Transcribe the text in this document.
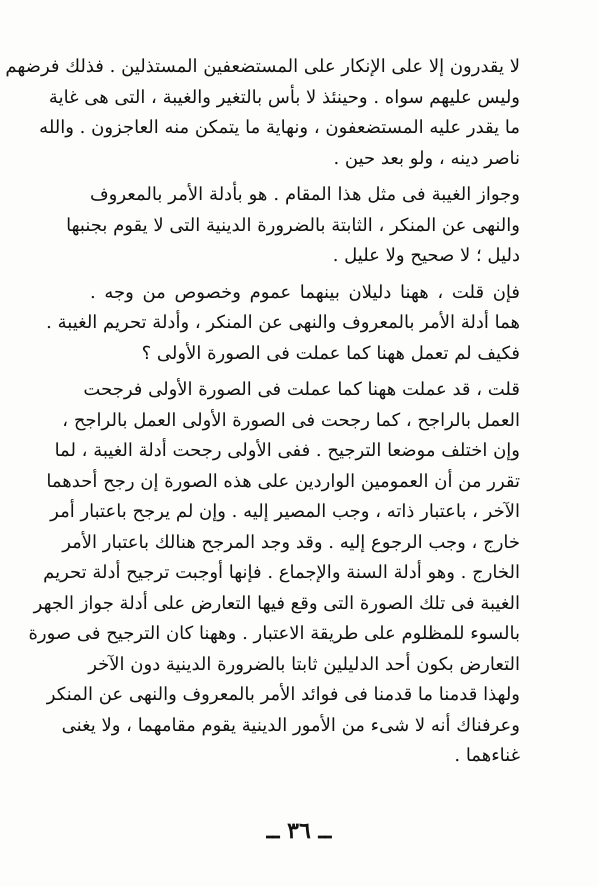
لا يقدرون إلا على الإنكار على المستضعفين المستذلين . فذلك فرضهم
وليس عليهم سواه . وحينئذ لا بأس بالتغير والغيبة ، التى هى غاية
ما يقدر عليه المستضعفون ، ونهاية ما يتمكن منه العاجزون . والله
ناصر دينه ، ولو بعد حين .
وجواز الغيبة فى مثل هذا المقام . هو بأدلة الأمر بالمعروف
والنهى عن المنكر ، الثابتة بالضرورة الدينية التى لا يقوم بجنبها
دليل ؛ لا صحيح ولا عليل .
فإن قلت ، ههنا دليلان بينهما عموم وخصوص من وجه .
هما أدلة الأمر بالمعروف والنهى عن المنكر ، وأدلة تحريم الغيبة .
فكيف لم تعمل ههنا كما عملت فى الصورة الأولى ؟
قلت ، قد عملت ههنا كما عملت فى الصورة الأولى فرجحت
العمل بالراجح ، كما رجحت فى الصورة الأولى العمل بالراجح ،
وإن اختلف موضعا الترجيح . ففى الأولى رجحت أدلة الغيبة ، لما
تقرر من أن العمومين الواردين على هذه الصورة إن رجح أحدهما
الآخر ، باعتبار ذاته ، وجب المصير إليه . وإن لم يرجح باعتبار أمر
خارج ، وجب الرجوع إليه . وقد وجد المرجح هنالك باعتبار الأمر
الخارج . وهو أدلة السنة والإجماع . فإنها أوجبت ترجيح أدلة تحريم
الغيبة فى تلك الصورة التى وقع فيها التعارض على أدلة جواز الجهر
بالسوء للمظلوم على طريقة الاعتبار . وههنا كان الترجيح فى صورة
التعارض بكون أحد الدليلين ثابتا بالضرورة الدينية دون الآخر
ولهذا قدمنا ما قدمنا فى فوائد الأمر بالمعروف والنهى عن المنكر
وعرفناك أنه لا شىء من الأمور الدينية يقوم مقامهما ، ولا يغنى
غناءهما .
ــ ٣٦ ــ
